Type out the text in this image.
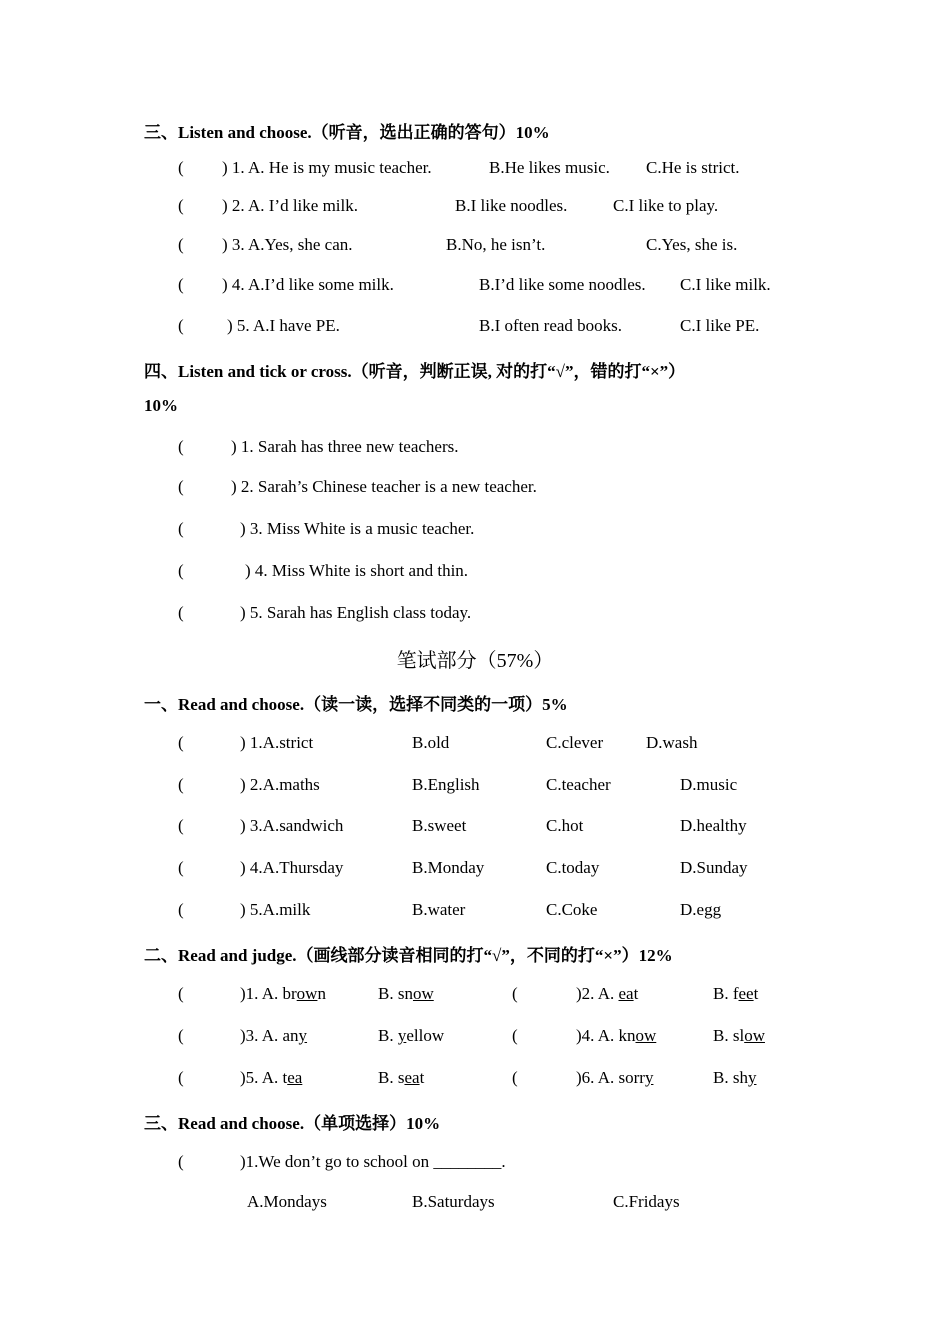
三、Listen and choose.（听音，选出正确的答句）10%
( ) 1. A. He is my music teacher.	B.He likes music. C.He is strict.
( ) 2. A. I’d like milk.	B.I like noodles.	C.I like to play.
( ) 3. A.Yes, she can.	B.No, he isn’t.	C.Yes, she is.
( ) 4. A.I’d like some milk.	B.I’d like some noodles. C.I like milk.
(	) 5. A.I have PE.	B.I often read books.	C.I like PE.
四、Listen and tick or cross.（听音，判断正误, 对的打“√”，错的打“×”）
10%
(	) 1. Sarah has three new teachers.
(	) 2. Sarah’s Chinese teacher is a new teacher.
(	) 3. Miss White is a music teacher.
(	) 4. Miss White is short and thin.
(	) 5. Sarah has English class today.
笔试部分（57%）
一、Read and choose.（读一读，选择不同类的一项）5%
(	) 1.A.strict	B.old	C.clever	D.wash
(	) 2.A.maths	B.English	C.teacher	D.music
(	) 3.A.sandwich	B.sweet	C.hot	D.healthy
(	) 4.A.Thursday	B.Monday	C.today	D.Sunday
(	) 5.A.milk	B.water	C.Coke	D.egg
二、Read and judge.（画线部分读音相同的打“√”，不同的打“×”）12%
(	)1. A. brown	B. snow	(	)2. A. eat	B. feet
(	)3. A. any	B. yellow	(	)4. A. know	B. slow
(	)5. A. tea	B. seat	(	)6. A. sorry	B. shy
三、Read and choose.（单项选择）10%
(	)1.We don’t go to school on ________.
A.Mondays	B.Saturdays	C.Fridays
